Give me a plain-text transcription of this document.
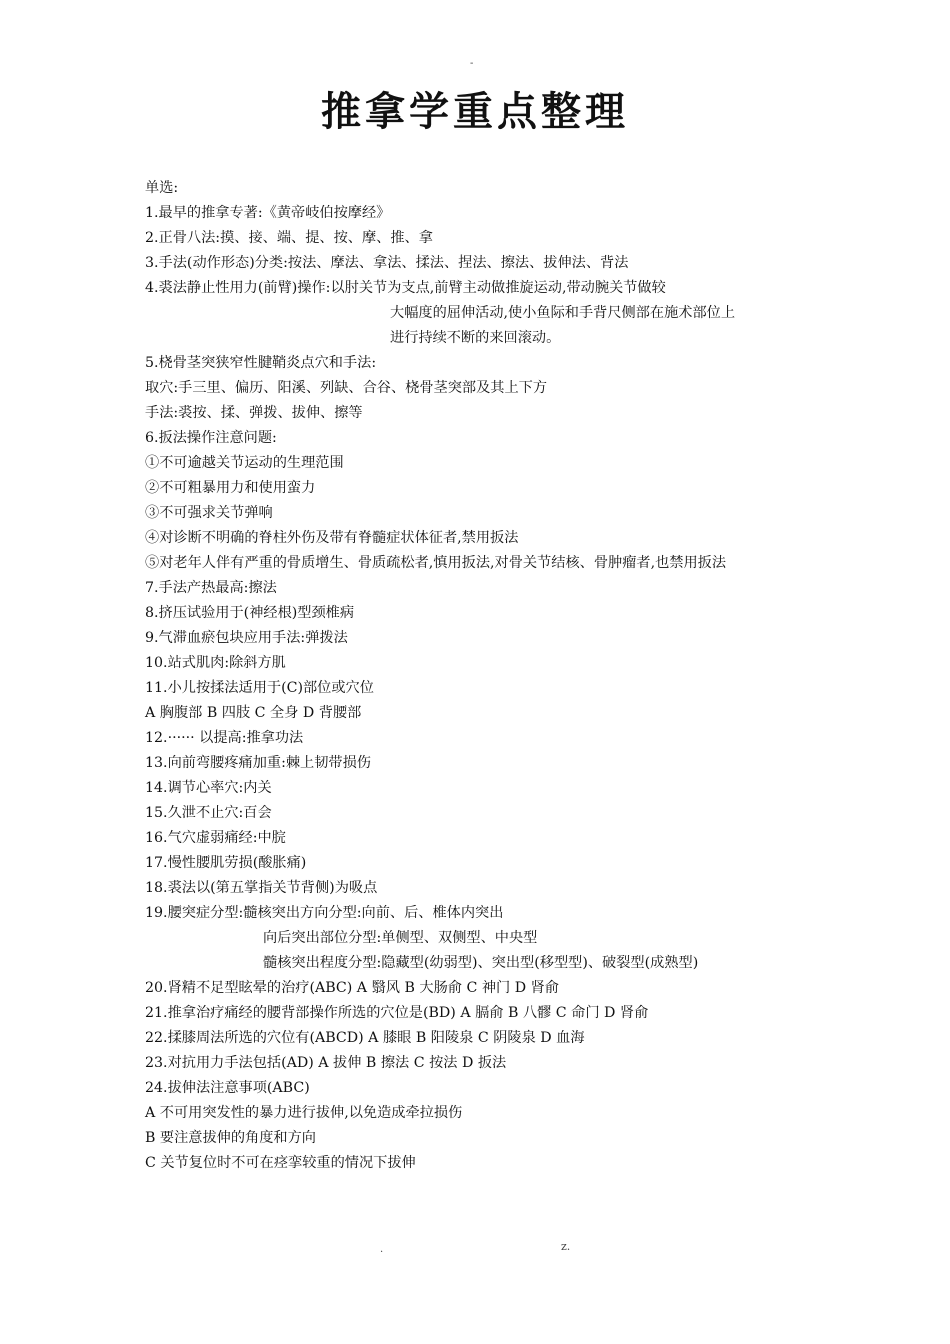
-
推拿学重点整理
单选:
1.最早的推拿专著:《黄帝岐伯按摩经》
2.正骨八法:摸、接、端、提、按、摩、推、拿
3.手法(动作形态)分类:按法、摩法、拿法、揉法、捏法、擦法、拔伸法、背法
4.裘法静止性用力(前臂)操作:以肘关节为支点,前臂主动做推旋运动,带动腕关节做较
大幅度的屈伸活动,使小鱼际和手背尺侧部在施术部位上
进行持续不断的来回滚动。
5.桡骨茎突狭窄性腱鞘炎点穴和手法:
取穴:手三里、偏历、阳溪、列缺、合谷、桡骨茎突部及其上下方
手法:裘按、揉、弹拨、拔伸、擦等
6.扳法操作注意问题:
①不可逾越关节运动的生理范围
②不可粗暴用力和使用蛮力
③不可强求关节弹响
④对诊断不明确的脊柱外伤及带有脊髓症状体征者,禁用扳法
⑤对老年人伴有严重的骨质增生、骨质疏松者,慎用扳法,对骨关节结核、骨肿瘤者,也禁用扳法
7.手法产热最高:擦法
8.挤压试验用于(神经根)型颈椎病
9.气滞血瘀包块应用手法:弹拨法
10.站式肌肉:除斜方肌
11.小儿按揉法适用于(C)部位或穴位
A 胸腹部 B 四肢 C 全身 D 背腰部
12.······ 以提高:推拿功法
13.向前弯腰疼痛加重:棘上韧带损伤
14.调节心率穴:内关
15.久泄不止穴:百会
16.气穴虚弱痛经:中脘
17.慢性腰肌劳损(酸胀痛)
18.裘法以(第五掌指关节背侧)为吸点
19.腰突症分型:髓核突出方向分型:向前、后、椎体内突出
向后突出部位分型:单侧型、双侧型、中央型
髓核突出程度分型:隐藏型(幼弱型)、突出型(移型型)、破裂型(成熟型)
20.肾精不足型眩晕的治疗(ABC) A 翳风 B 大肠俞 C 神门 D 肾俞
21.推拿治疗痛经的腰背部操作所选的穴位是(BD) A 膈俞 B 八髎 C 命门 D 肾俞
22.揉膝周法所选的穴位有(ABCD) A 膝眼 B 阳陵泉 C 阴陵泉 D 血海
23.对抗用力手法包括(AD) A 拔伸 B 擦法 C 按法 D 扳法
24.拔伸法注意事项(ABC)
A 不可用突发性的暴力进行拔伸,以免造成牵拉损伤
B 要注意拔伸的角度和方向
C 关节复位时不可在痉挛较重的情况下拔伸
.	z.
